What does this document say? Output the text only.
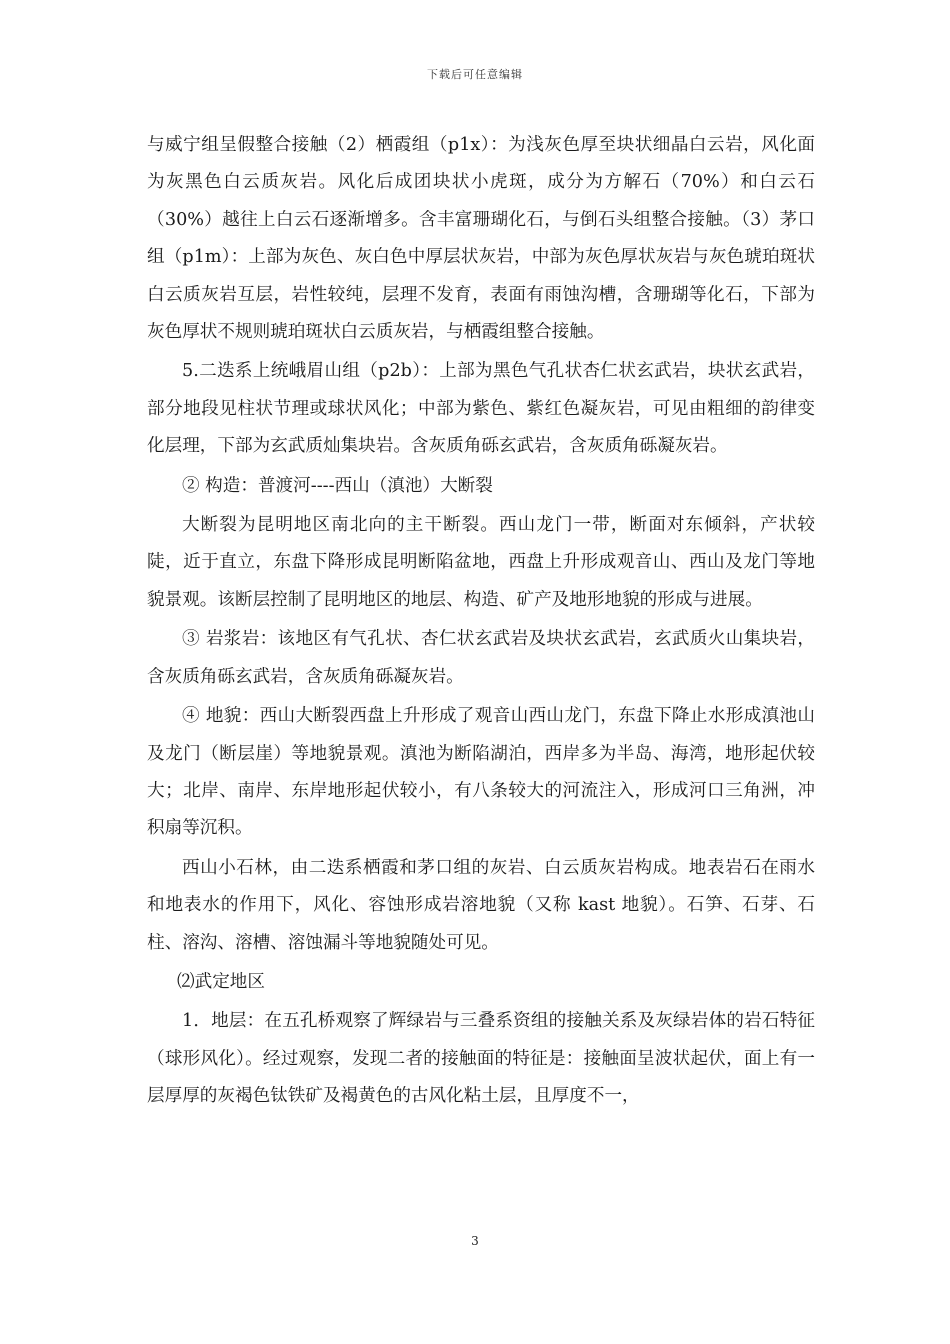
下载后可任意编辑

与威宁组呈假整合接触（2）栖霞组（p1x）：为浅灰色厚至块状细晶白云岩，风化面为灰黑色白云质灰岩。风化后成团块状小虎斑，成分为方解石（70%）和白云石（30%）越往上白云石逐渐增多。含丰富珊瑚化石，与倒石头组整合接触。（3）茅口组（p1m）：上部为灰色、灰白色中厚层状灰岩，中部为灰色厚状灰岩与灰色琥珀斑状白云质灰岩互层，岩性较纯，层理不发育，表面有雨蚀沟槽，含珊瑚等化石，下部为灰色厚状不规则琥珀斑状白云质灰岩，与栖霞组整合接触。

5.二迭系上统峨眉山组（p2b）：上部为黑色气孔状杏仁状玄武岩，块状玄武岩，部分地段见柱状节理或球状风化；中部为紫色、紫红色凝灰岩，可见由粗细的韵律变化层理，下部为玄武质灿集块岩。含灰质角砾玄武岩，含灰质角砾凝灰岩。

② 构造：普渡河----西山（滇池）大断裂

大断裂为昆明地区南北向的主干断裂。西山龙门一带，断面对东倾斜，产状较陡，近于直立，东盘下降形成昆明断陷盆地，西盘上升形成观音山、西山及龙门等地貌景观。该断层控制了昆明地区的地层、构造、矿产及地形地貌的形成与进展。

③ 岩浆岩：该地区有气孔状、杏仁状玄武岩及块状玄武岩，玄武质火山集块岩，含灰质角砾玄武岩，含灰质角砾凝灰岩。

④ 地貌：西山大断裂西盘上升形成了观音山西山龙门，东盘下降止水形成滇池山及龙门（断层崖）等地貌景观。滇池为断陷湖泊，西岸多为半岛、海湾，地形起伏较大；北岸、南岸、东岸地形起伏较小，有八条较大的河流注入，形成河口三角洲，冲积扇等沉积。

西山小石林，由二迭系栖霞和茅口组的灰岩、白云质灰岩构成。地表岩石在雨水和地表水的作用下，风化、容蚀形成岩溶地貌（又称 kast 地貌）。石笋、石芽、石柱、溶沟、溶槽、溶蚀漏斗等地貌随处可见。

⑵武定地区

1．地层：在五孔桥观察了辉绿岩与三叠系资组的接触关系及灰绿岩体的岩石特征（球形风化）。经过观察，发现二者的接触面的特征是：接触面呈波状起伏，面上有一层厚厚的灰褐色钛铁矿及褐黄色的古风化粘土层，且厚度不一，

3
